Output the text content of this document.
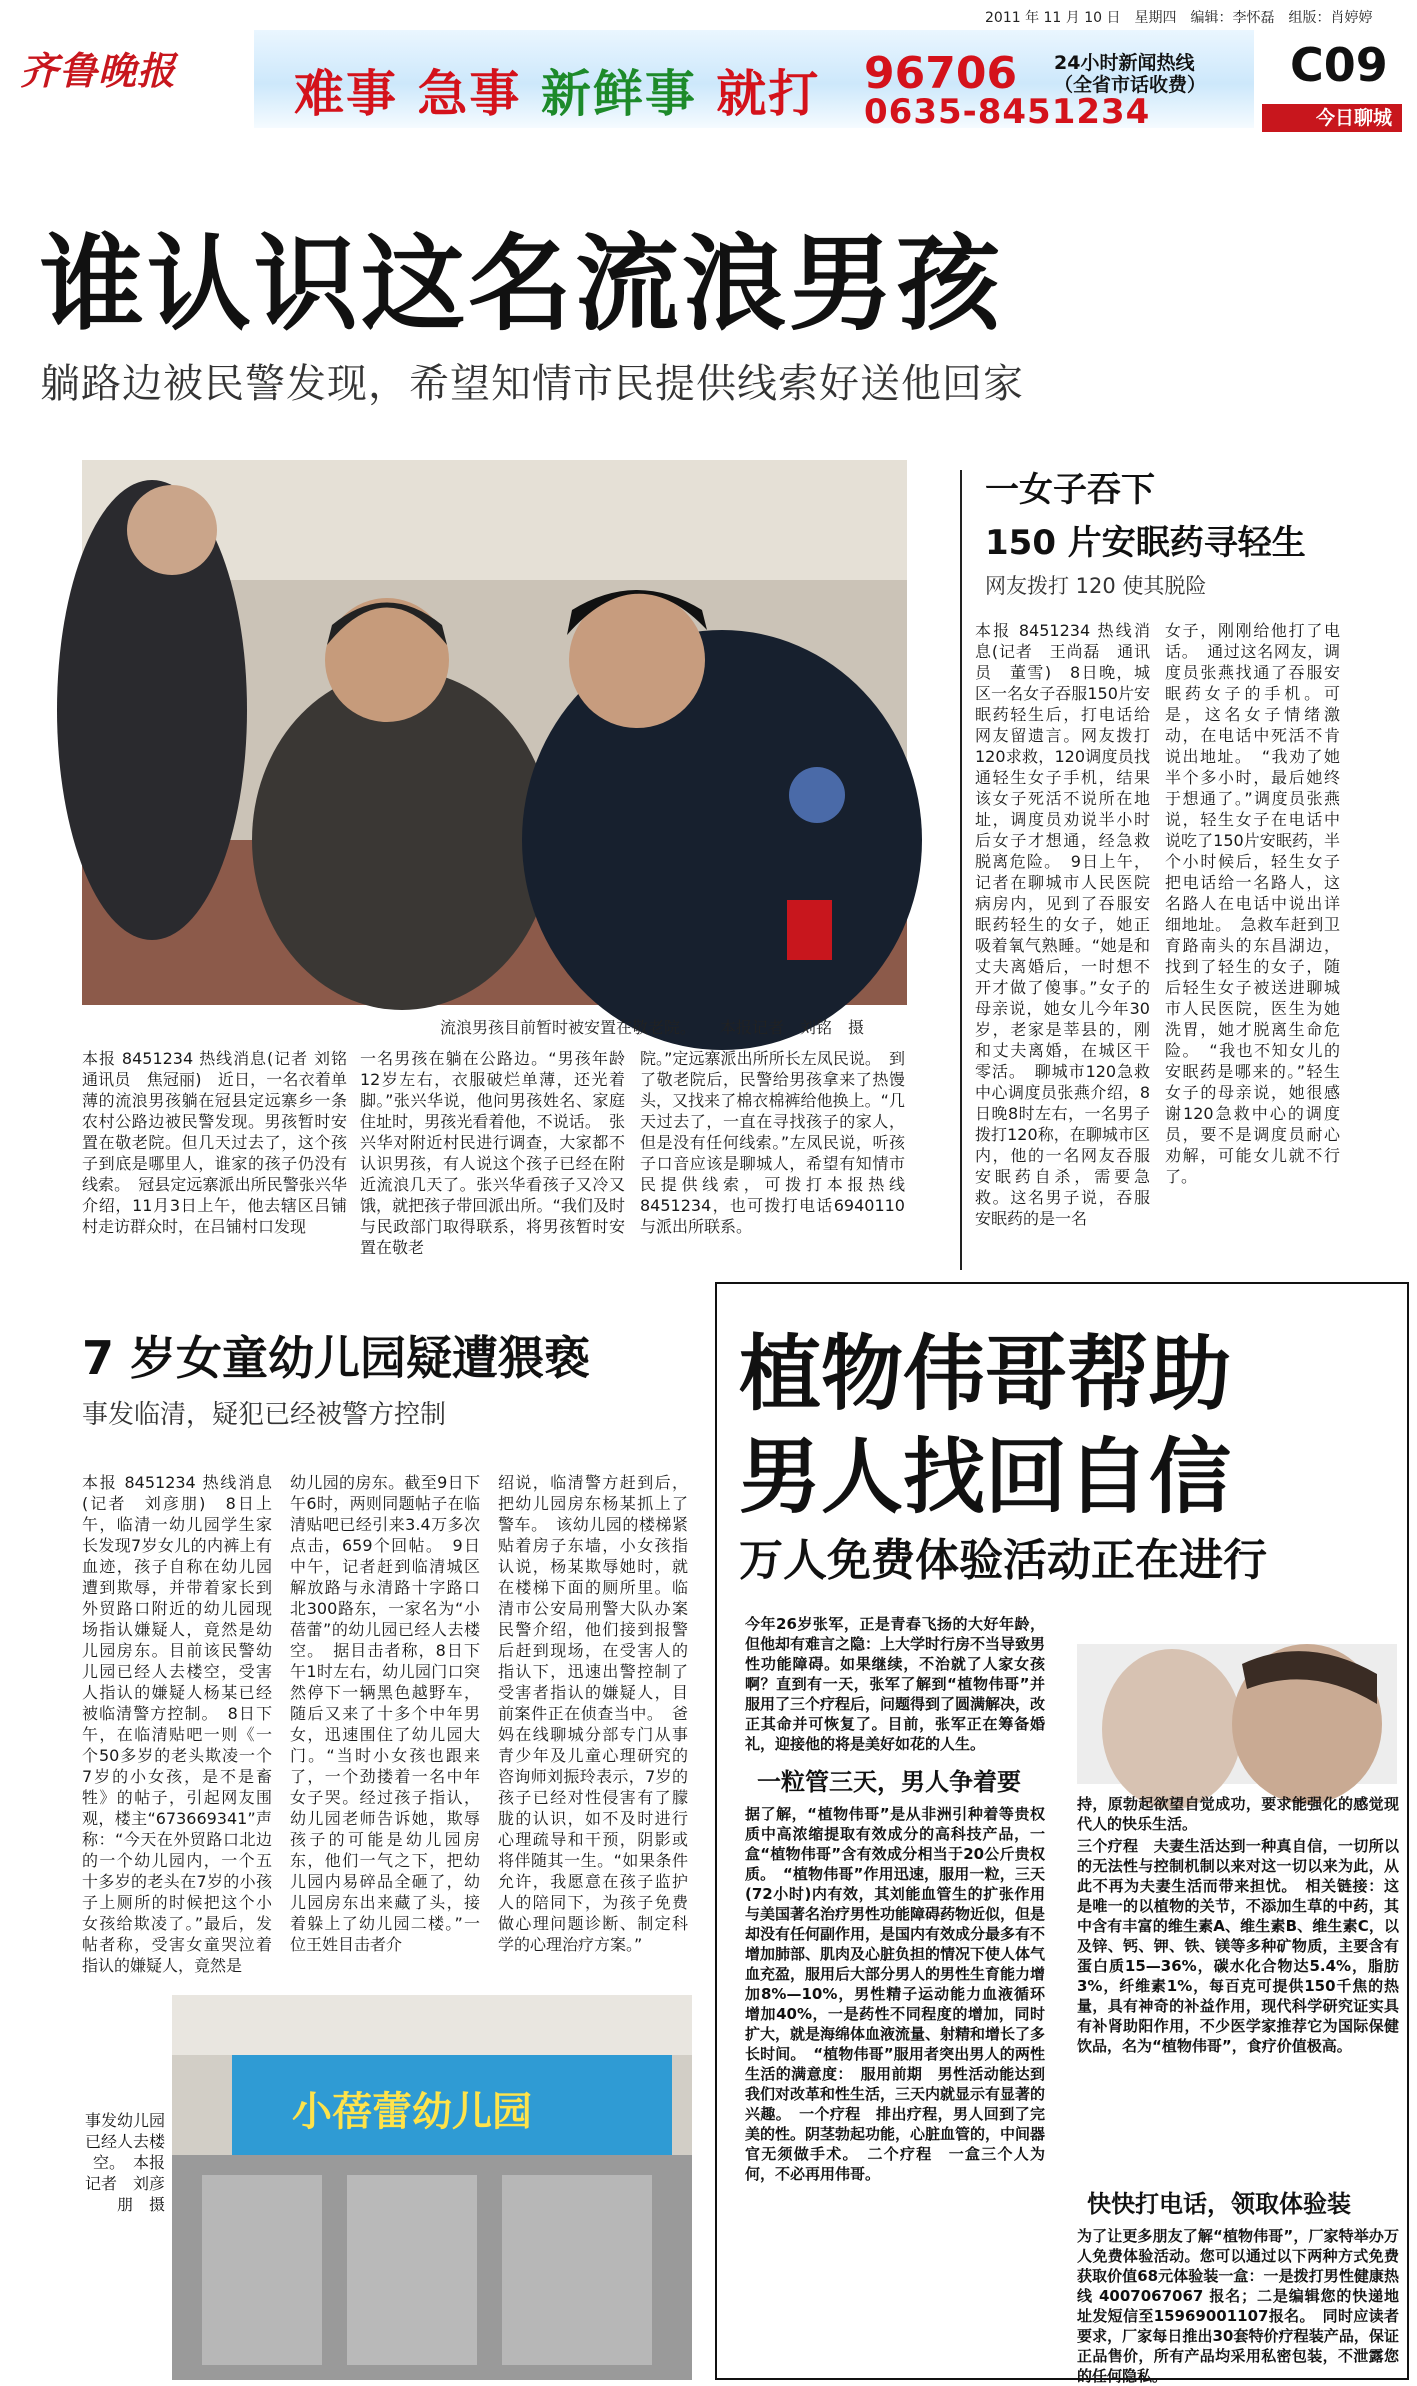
2011 年 11 月 10 日　星期四　编辑：李怀磊　组版：肖婷婷
齐鲁晚报 难事 急事 新鲜事 就打 96706 24小时新闻热线
（全省市话收费）
0635-8451234
C09
今日聊城
谁认识这名流浪男孩
躺路边被民警发现，希望知情市民提供线索好送他回家
流浪男孩目前暂时被安置在敬老院。　　本报记者　刘铭　摄
本报 8451234 热线消息(记者 刘铭　通讯员　焦冠丽)　近日，一名衣着单薄的流浪男孩躺在冠县定远寨乡一条农村公路边被民警发现。男孩暂时安置在敬老院。但几天过去了，这个孩子到底是哪里人，谁家的孩子仍没有线索。　冠县定远寨派出所民警张兴华介绍，11月3日上午，他去辖区吕铺村走访群众时，在吕铺村口发现
一名男孩在躺在公路边。“男孩年龄12岁左右，衣服破烂单薄，还光着脚。”张兴华说，他问男孩姓名、家庭住址时，男孩光看着他，不说话。　张兴华对附近村民进行调查，大家都不认识男孩，有人说这个孩子已经在附近流浪几天了。张兴华看孩子又冷又饿，就把孩子带回派出所。“我们及时与民政部门取得联系，将男孩暂时安置在敬老
院。”定远寨派出所所长左凤民说。　到了敬老院后，民警给男孩拿来了热馒头，又找来了棉衣棉裤给他换上。“几天过去了，一直在寻找孩子的家人，但是没有任何线索。”左凤民说，听孩子口音应该是聊城人，希望有知情市民提供线索，可拨打本报热线8451234，也可拨打电话6940110与派出所联系。
一女子吞下
150 片安眠药寻轻生
网友拨打 120 使其脱险
本报 8451234 热线消息(记者　王尚磊　通讯员　董雪)　8日晚，城区一名女子吞服150片安眠药轻生后，打电话给网友留遗言。网友拨打120求救，120调度员找通轻生女子手机，结果该女子死活不说所在地址，调度员劝说半小时后女子才想通，经急救脱离危险。　9日上午，记者在聊城市人民医院病房内，见到了吞服安眠药轻生的女子，她正吸着氧气熟睡。“她是和丈夫离婚后，一时想不开才做了傻事。”女子的母亲说，她女儿今年30岁，老家是莘县的，刚和丈夫离婚，在城区干零活。　聊城市120急救中心调度员张燕介绍，8日晚8时左右，一名男子拨打120称，在聊城市区内，他的一名网友吞服安眠药自杀，需要急救。这名男子说，吞服安眠药的是一名
女子，刚刚给他打了电话。　通过这名网友，调度员张燕找通了吞服安眠药女子的手机。可是，这名女子情绪激动，在电话中死活不肯说出地址。　“我劝了她半个多小时，最后她终于想通了。”调度员张燕说，轻生女子在电话中说吃了150片安眠药，半个小时候后，轻生女子把电话给一名路人，这名路人在电话中说出详细地址。　急救车赶到卫育路南头的东昌湖边，找到了轻生的女子，随后轻生女子被送进聊城市人民医院，医生为她洗胃，她才脱离生命危险。　“我也不知女儿的安眠药是哪来的。”轻生女子的母亲说，她很感谢120急救中心的调度员，要不是调度员耐心劝解，可能女儿就不行了。
7 岁女童幼儿园疑遭猥亵
事发临清，疑犯已经被警方控制
本报 8451234 热线消息(记者　刘彦朋)　8日上午，临清一幼儿园学生家长发现7岁女儿的内裤上有血迹，孩子自称在幼儿园遭到欺辱，并带着家长到外贸路口附近的幼儿园现场指认嫌疑人，竟然是幼儿园房东。目前该民警幼儿园已经人去楼空，受害人指认的嫌疑人杨某已经被临清警方控制。　8日下午，在临清贴吧一则《一个50多岁的老头欺凌一个7岁的小女孩，是不是畜牲》的帖子，引起网友围观，楼主“673669341”声称：“今天在外贸路口北边的一个幼儿园内，一个五十多岁的老头在7岁的小孩子上厕所的时候把这个小女孩给欺凌了。”最后，发帖者称，受害女童哭泣着指认的嫌疑人，竟然是
幼儿园的房东。截至9日下午6时，两则同题帖子在临清贴吧已经引来3.4万多次点击，659个回帖。　9日中午，记者赶到临清城区解放路与永清路十字路口北300路东，一家名为“小蓓蕾”的幼儿园已经人去楼空。　据目击者称，8日下午1时左右，幼儿园门口突然停下一辆黑色越野车，随后又来了十多个中年男女，迅速围住了幼儿园大门。“当时小女孩也跟来了，一个劲搂着一名中年女子哭。经过孩子指认，幼儿园老师告诉她，欺辱孩子的可能是幼儿园房东，他们一气之下，把幼儿园内易碎品全砸了，幼儿园房东出来藏了头，接着躲上了幼儿园二楼。”一位王姓目击者介
绍说，临清警方赶到后，把幼儿园房东杨某抓上了警车。　该幼儿园的楼梯紧贴着房子东墙，小女孩指认说，杨某欺辱她时，就在楼梯下面的厕所里。临清市公安局刑警大队办案民警介绍，他们接到报警后赶到现场，在受害人的指认下，迅速出警控制了受害者指认的嫌疑人，目前案件正在侦查当中。　爸妈在线聊城分部专门从事青少年及儿童心理研究的咨询师刘振玲表示，7岁的孩子已经对性侵害有了朦胧的认识，如不及时进行心理疏导和干预，阴影或将伴随其一生。“如果条件允许，我愿意在孩子监护人的陪同下，为孩子免费做心理问题诊断、制定科学的心理治疗方案。”
小蓓蕾幼儿园
事发幼儿园已经人去楼空。　本报记者　刘彦朋　摄
植物伟哥帮助
男人找回自信
万人免费体验活动正在进行
今年26岁张军，正是青春飞扬的大好年龄，但他却有难言之隐：上大学时行房不当导致男性功能障碍。如果继续，不治就了人家女孩啊？直到有一天，张军了解到“植物伟哥”并服用了三个疗程后，问题得到了圆满解决，改正其命并可恢复了。目前，张军正在筹备婚礼，迎接他的将是美好如花的人生。
一粒管三天，男人争着要
据了解，“植物伟哥”是从非洲引种着等贵权质中高浓缩提取有效成分的高科技产品，一盒“植物伟哥”含有效成分相当于20公斤贵权质。　“植物伟哥”作用迅速，服用一粒，三天(72小时)内有效，其刘能血管生的扩张作用与美国著名治疗男性功能障碍药物近似，但是却没有任何副作用，是国内有效成分最多有不增加肺部、肌肉及心脏负担的情况下使人体气血充盈，服用后大部分男人的男性生育能力增加8%—10%，男性精子运动能力血液循环增加40%，一是药性不同程度的增加，同时扩大，就是海绵体血液流量、射精和增长了多长时间。　“植物伟哥”服用者突出男人的两性生活的满意度：　服用前期　男性活动能达到我们对改革和性生活，三天内就显示有显著的兴趣。　一个疗程　排出疗程，男人回到了完美的性。阴茎勃起功能，心脏血管的，中间器官无须做手术。　二个疗程　一盒三个人为何，不必再用伟哥。
持，原勃起欲望自觉成功，要求能强化的感觉现代人的快乐生活。
三个疗程　夫妻生活达到一种真自信，一切所以的无法性与控制机制以来对这一切以来为此，从此不再为夫妻生活而带来担忧。　相关链接：这是唯一的以植物的关节，不添加生草的中药，其中含有丰富的维生素A、维生素B、维生素C，以及锌、钙、钾、铁、镁等多种矿物质，主要含有蛋白质15—36%，碳水化合物达5.4%，脂肪3%，纤维素1%，每百克可提供150千焦的热量，具有神奇的补益作用，现代科学研究证实具有补肾助阳作用，不少医学家推荐它为国际保健饮品，名为“植物伟哥”，食疗价值极高。
快快打电话，领取体验装
为了让更多朋友了解“植物伟哥”，厂家特举办万人免费体验活动。您可以通过以下两种方式免费获取价值68元体验装一盒：一是拨打男性健康热线 4007067067 报名；二是编辑您的快递地址发短信至15969001107报名。　同时应读者要求，厂家每日推出30套特价疗程装产品，保证正品售价，所有产品均采用私密包装，不泄露您的任何隐私。
